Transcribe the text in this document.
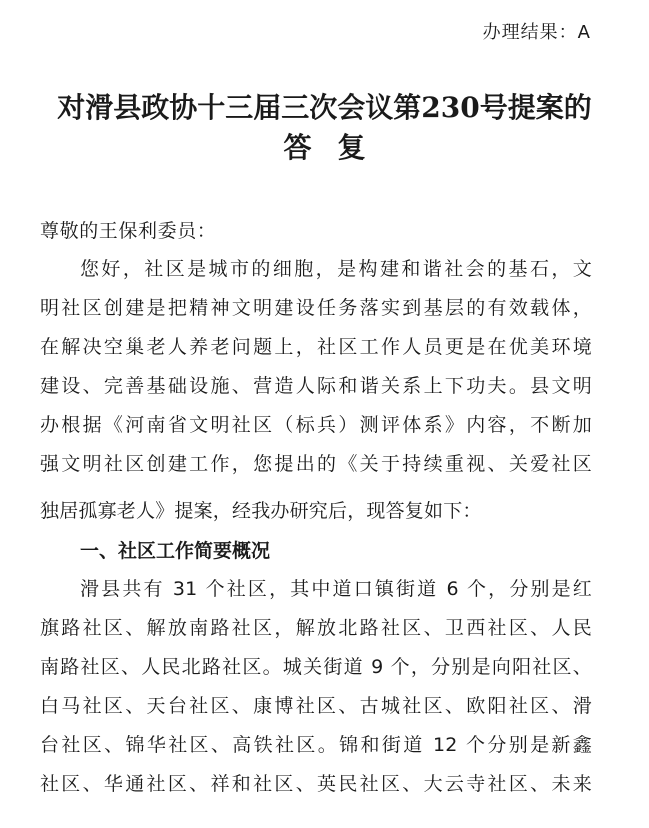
办理结果：A
对滑县政协十三届三次会议第230号提案的
答复
尊敬的王保利委员：
您好，社区是城市的细胞，是构建和谐社会的基石，文
明社区创建是把精神文明建设任务落实到基层的有效载体，
在解决空巢老人养老问题上，社区工作人员更是在优美环境
建设、完善基础设施、营造人际和谐关系上下功夫。县文明
办根据《河南省文明社区（标兵）测评体系》内容，不断加
强文明社区创建工作，您提出的《关于持续重视、关爱社区
独居孤寡老人》提案，经我办研究后，现答复如下：
一、社区工作简要概况
滑县共有 31 个社区，其中道口镇街道 6 个，分别是红
旗路社区、解放南路社区，解放北路社区、卫西社区、人民
南路社区、人民北路社区。城关街道 9 个，分别是向阳社区、
白马社区、天台社区、康博社区、古城社区、欧阳社区、滑
台社区、锦华社区、高铁社区。锦和街道 12 个分别是新鑫
社区、华通社区、祥和社区、英民社区、大云寺社区、未来
